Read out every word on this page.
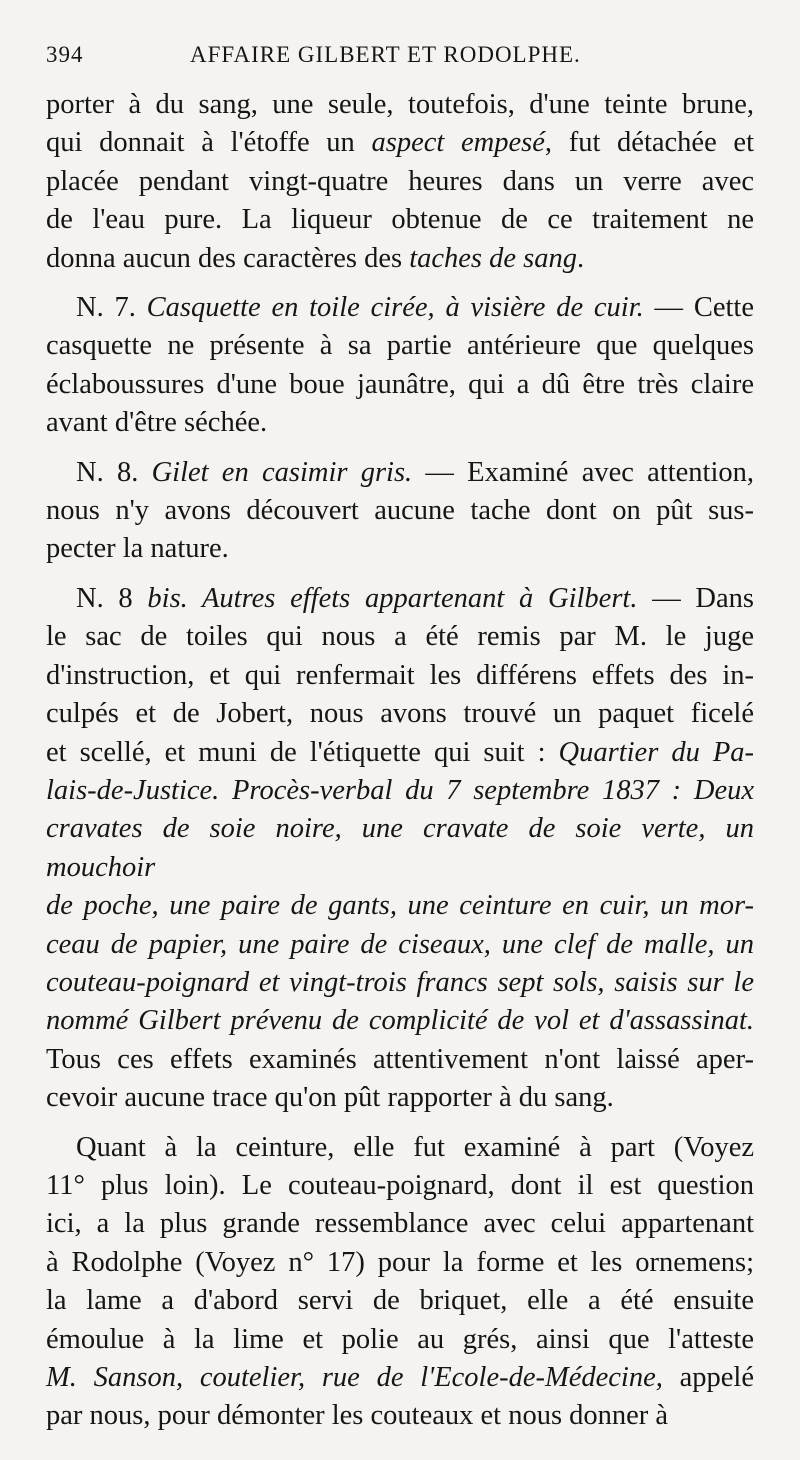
394	AFFAIRE GILBERT ET RODOLPHE.

porter à du sang, une seule, toutefois, d'une teinte brune,
qui donnait à l'étoffe un aspect empesé, fut détachée et
placée pendant vingt-quatre heures dans un verre avec
de l'eau pure. La liqueur obtenue de ce traitement ne
donna aucun des caractères des taches de sang.

N. 7. Casquette en toile cirée, à visière de cuir. — Cette
casquette ne présente à sa partie antérieure que quelques
éclaboussures d'une boue jaunâtre, qui a dû être très claire
avant d'être séchée.

N. 8. Gilet en casimir gris. — Examiné avec attention,
nous n'y avons découvert aucune tache dont on pût sus-
pecter la nature.

N. 8 bis. Autres effets appartenant à Gilbert. — Dans
le sac de toiles qui nous a été remis par M. le juge
d'instruction, et qui renfermait les différens effets des in-
culpés et de Jobert, nous avons trouvé un paquet ficelé
et scellé, et muni de l'étiquette qui suit : Quartier du Pa-
lais-de-Justice. Procès-verbal du 7 septembre 1837 : Deux
cravates de soie noire, une cravate de soie verte, un mouchoir
de poche, une paire de gants, une ceinture en cuir, un mor-
ceau de papier, une paire de ciseaux, une clef de malle, un
couteau-poignard et vingt-trois francs sept sols, saisis sur le
nommé Gilbert prévenu de complicité de vol et d'assassinat.
Tous ces effets examinés attentivement n'ont laissé aper-
cevoir aucune trace qu'on pût rapporter à du sang.

Quant à la ceinture, elle fut examiné à part (Voyez
11° plus loin). Le couteau-poignard, dont il est question
ici, a la plus grande ressemblance avec celui appartenant
à Rodolphe (Voyez n° 17) pour la forme et les ornemens;
la lame a d'abord servi de briquet, elle a été ensuite
émoulue à la lime et polie au grés, ainsi que l'atteste
M. Sanson, coutelier, rue de l'Ecole-de-Médecine, appelé
par nous, pour démonter les couteaux et nous donner à
